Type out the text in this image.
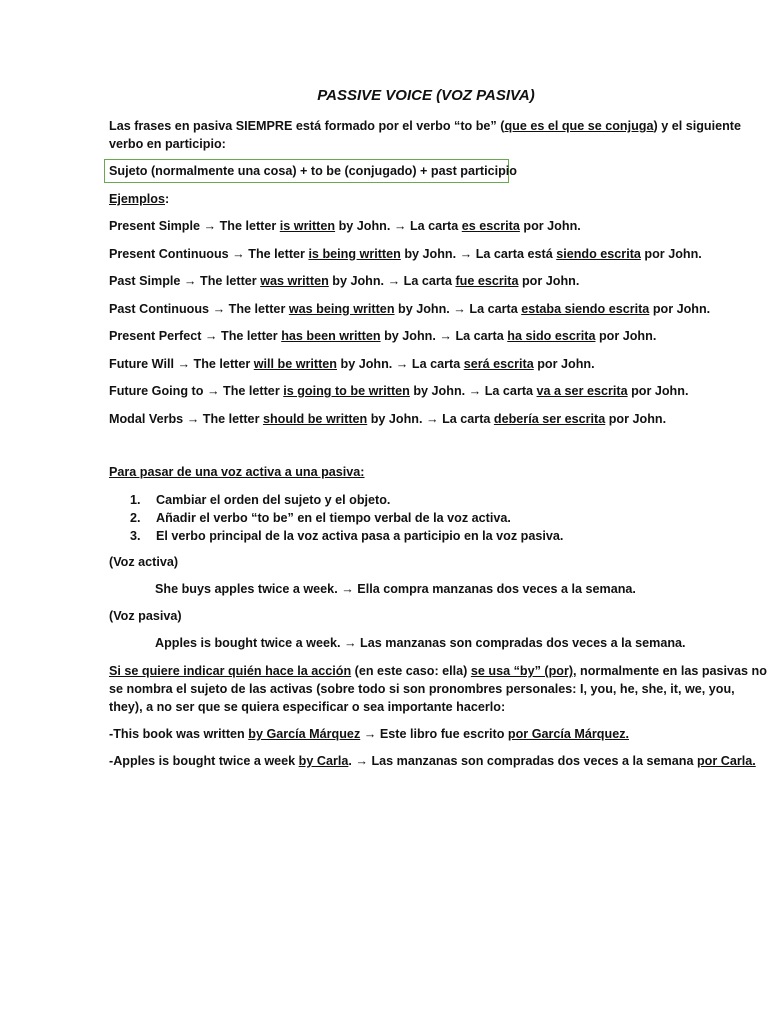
PASSIVE VOICE (VOZ PASIVA)
Las frases en pasiva SIEMPRE está formado por el verbo “to be” (que es el que se conjuga) y el siguiente
verbo en participio:
Sujeto (normalmente una cosa) + to be (conjugado) + past participio
Ejemplos:
Present Simple → The letter is written by John. → La carta es escrita por John.
Present Continuous → The letter is being written by John. → La carta está siendo escrita por John.
Past Simple → The letter was written by John. → La carta fue escrita por John.
Past Continuous → The letter was being written by John. → La carta estaba siendo escrita por John.
Present Perfect → The letter has been written by John. → La carta ha sido escrita por John.
Future Will → The letter will be written by John. → La carta será escrita por John.
Future Going to → The letter is going to be written by John. → La carta va a ser escrita por John.
Modal Verbs → The letter should be written by John. → La carta debería ser escrita por John.
Para pasar de una voz activa a una pasiva:
1.	Cambiar el orden del sujeto y el objeto.
2.	Añadir el verbo “to be” en el tiempo verbal de la voz activa.
3.	El verbo principal de la voz activa pasa a participio en la voz pasiva.
(Voz activa)
She buys apples twice a week. → Ella compra manzanas dos veces a la semana.
(Voz pasiva)
Apples is bought twice a week. → Las manzanas son compradas dos veces a la semana.
Si se quiere indicar quién hace la acción (en este caso: ella) se usa “by” (por), normalmente en las pasivas no
se nombra el sujeto de las activas (sobre todo si son pronombres personales: I, you, he, she, it, we, you,
they), a no ser que se quiera especificar o sea importante hacerlo:
-This book was written by García Márquez → Este libro fue escrito por García Márquez.
-Apples is bought twice a week by Carla. → Las manzanas son compradas dos veces a la semana por Carla.
